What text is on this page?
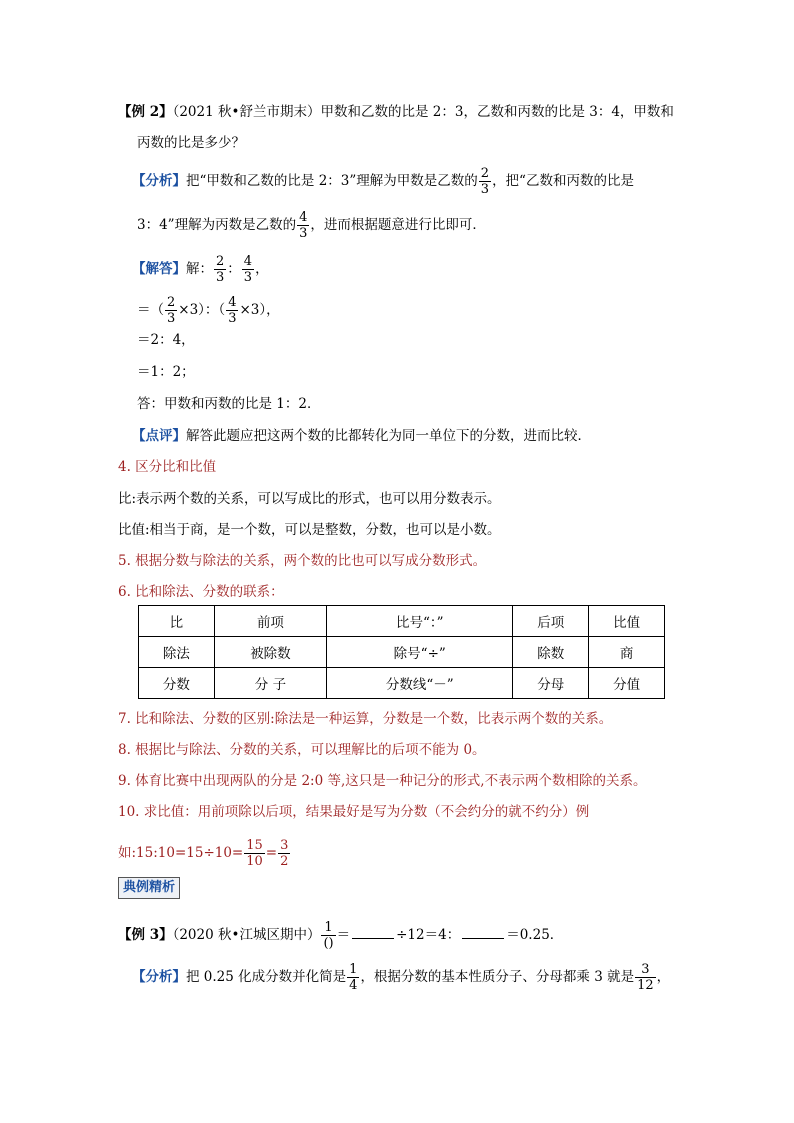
【例 2】（2021 秋•舒兰市期末）甲数和乙数的比是 2：3，乙数和丙数的比是 3：4，甲数和
丙数的比是多少？
【分析】把“甲数和乙数的比是 2：3”理解为甲数是乙数的 $\frac{2}{3}$ ，把“乙数和丙数的比是
3：4”理解为丙数是乙数的 $\frac{4}{3}$ ，进而根据题意进行比即可．
【解答】解： $\frac{2}{3}$ ： $\frac{4}{3}$ ，
＝（ $\frac{2}{3} \times 3$）：（ $\frac{4}{3} \times 3$），
＝2：4，
＝1：2；
答：甲数和丙数的比是 1：2．
【点评】解答此题应把这两个数的比都转化为同一单位下的分数，进而比较．
4. 区分比和比值
比:表示两个数的关系，可以写成比的形式，也可以用分数表示。
比值:相当于商，是一个数，可以是整数，分数，也可以是小数。
5. 根据分数与除法的关系，两个数的比也可以写成分数形式。
6. 比和除法、分数的联系：
比	前项	比号“：”	后项	比值
除法	被除数	除号“÷”	除数	商
分数	分 子	分数线“－”	分母	分值
7. 比和除法、分数的区别:除法是一种运算，分数是一个数，比表示两个数的关系。
8. 根据比与除法、分数的关系，可以理解比的后项不能为 0。
9. 体育比赛中出现两队的分是 2:0 等,这只是一种记分的形式,不表示两个数相除的关系。
10. 求比值：用前项除以后项，结果最好是写为分数（不会约分的就不约分）例
如:15:10=15÷10= $\frac{15}{10} = \frac{3}{2}$
典例精析
【例 3】（2020 秋•江城区期中） $\frac{1}{()}$ ＝	÷12＝4：	＝0.25．
【分析】把 0.25 化成分数并化简是 $\frac{1}{4}$ ，根据分数的基本性质分子、分母都乘 3 就是 $\frac{3}{12}$ ，
